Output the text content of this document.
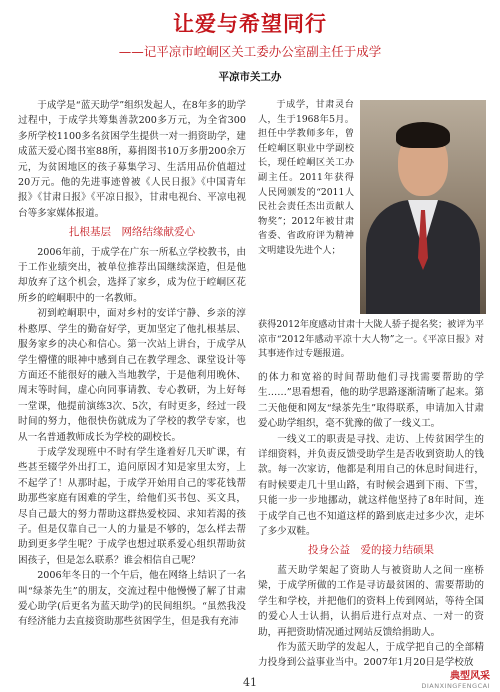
让爱与希望同行
——记平凉市崆峒区关工委办公室副主任于成学
平凉市关工办

于成学是“蓝天助学”组织发起人，在8年多的助学过程中，于成学共筹集善款200多万元，为全省300多所学校1100多名贫困学生提供一对一捐资助学，建成蓝天爱心图书室88所，募捐图书10万多册200余万元，为贫困地区的孩子募集学习、生活用品价值超过20万元。他的先进事迹曾被《人民日报》《中国青年报》《甘肃日报》《平凉日报》，甘肃电视台、平凉电视台等多家媒体报道。

扎根基层　网络结缘献爱心

2006年前，于成学在广东一所私立学校教书，由于工作业绩突出，被单位推荐出国继续深造，但是他却放弃了这个机会，选择了家乡，成为位于崆峒区花所乡的崆峒职中的一名教师。

初到崆峒职中，面对乡村的安详宁静、乡亲的淳朴憨厚、学生的勤奋好学，更加坚定了他扎根基层、服务家乡的决心和信心。第一次站上讲台，于成学从学生懵懂的眼神中感到自己在教学理念、课堂设计等方面还不能很好的融入当地教学，于是他利用晚休、周末等时间，虚心向同事请教、专心教研，为上好每一堂课，他提前演练3次、5次，有时更多，经过一段时间的努力，他很快伤就成为了学校的教学专家，也从一名普通教师成长为学校的副校长。

于成学发现班中不时有学生逢着好几天旷课，有些甚至辍学外出打工，追问原因才知是家里太穷，上不起学了！从那时起，于成学开始用自己的零花钱帮助那些家庭有困难的学生，给他们买书包、买文具，尽自己最大的努力帮助这群热爱校园、求知若渴的孩子。但是仅靠自己一人的力量是不够的，怎么样去帮助到更多学生呢？于成学也想过联系爱心组织帮助贫困孩子，但是怎么联系？谁会相信自己呢？

2006年冬日的一个午后，他在网络上结识了一名叫“绿茶先生”的朋友，交流过程中他慢慢了解了甘肃爱心助学(后更名为蓝天助学)的民间组织。“虽然我没有经济能力去直接资助那些贫困学生，但是我有充沛

于成学，甘肃灵台人，生于1968年5月。担任中学教师多年，曾任崆峒区职业中学副校长，现任崆峒区关工办副主任。2011年获得人民网颁发的“2011人民社会责任杰出贡献人物奖”；2012年被甘肃省委、省政府评为精神文明建设先进个人；

获得2012年度感动甘肃十大陇人骄子提名奖；被评为平凉市“2012年感动平凉十大人物”之一。《平凉日报》对其事迹作过专题报道。

的体力和宽裕的时间帮助他们寻找需要帮助的学生……”思看想看，他的助学思路逐渐清晰了起来。第二天他便和网友“绿茶先生”取得联系，申请加入甘肃爱心助学组织，毫不犹豫的做了一线义工。

一线义工的职责是寻找、走访、上传贫困学生的详细资料，并负责反馈受助学生是否收到资助人的钱款。每一次家访，他都是利用自己的休息时间进行，有时候要走几十里山路，有时候会遇到下雨、下雪，只能一步一步地挪动，就这样他坚持了8年时间，连于成学自己也不知道这样的路到底走过多少次，走坏了多少双鞋。

投身公益　爱的接力结硕果

蓝天助学架起了资助人与被资助人之间一座桥梁，于成学所做的工作是寻访最贫困的、需要帮助的学生和学校，并把他们的资料上传到网站，等待全国的爱心人士认捐，认捐后进行点对点、一对一的资助，再把资助情况通过网站反馈给捐助人。

作为蓝天助学的发起人，于成学把自己的全部精力投身到公益事业当中。2007年1月20日是学校放

41	典型风采
DIANXINGFENGCAI
